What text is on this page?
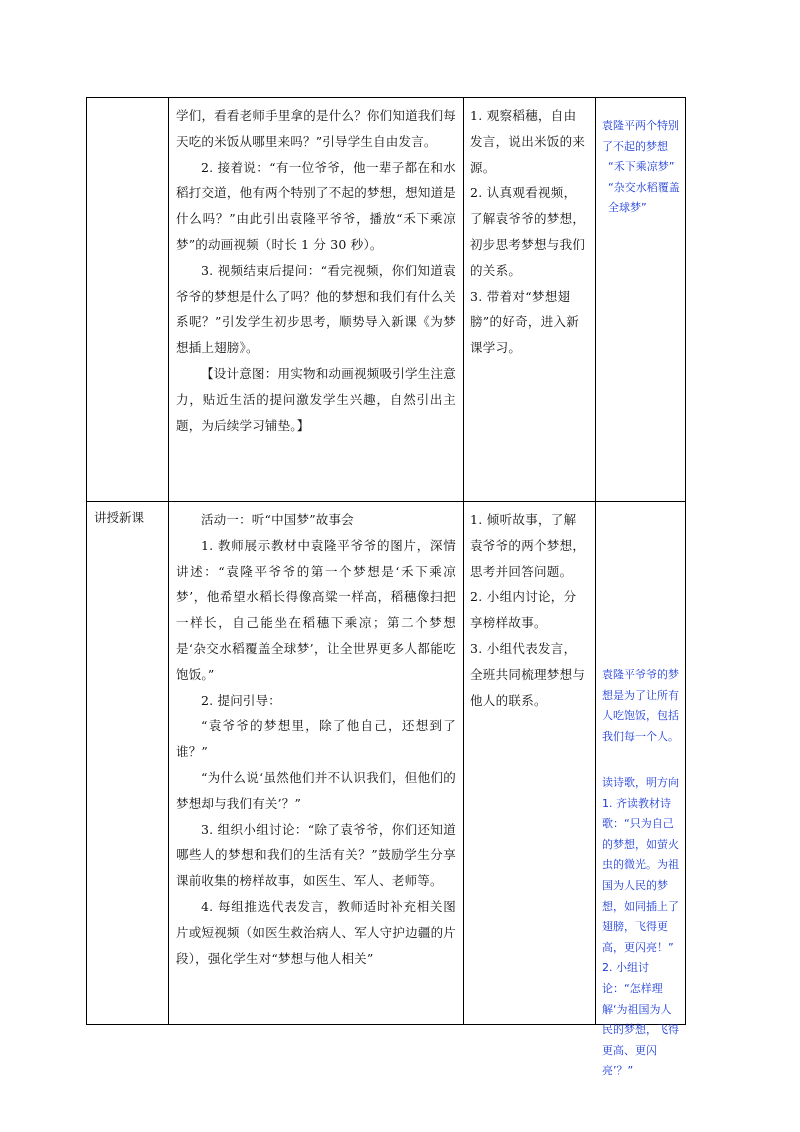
学们，看看老师手里拿的是什么？你们知道我们每天吃的米饭从哪里来吗？”引导学生自由发言。

2. 接着说：“有一位爷爷，他一辈子都在和水稻打交道，他有两个特别了不起的梦想，想知道是什么吗？”由此引出袁隆平爷爷，播放“禾下乘凉梦”的动画视频（时长 1 分 30 秒）。

3. 视频结束后提问：“看完视频，你们知道袁爷爷的梦想是什么了吗？他的梦想和我们有什么关系呢？”引发学生初步思考，顺势导入新课《为梦想插上翅膀》。

【设计意图：用实物和动画视频吸引学生注意力，贴近生活的提问激发学生兴趣，自然引出主题，为后续学习铺垫。】

1. 观察稻穗，自由发言，说出米饭的来源。

2. 认真观看视频，了解袁爷爷的梦想，初步思考梦想与我们的关系。

3. 带着对“梦想翅膀”的好奇，进入新课学习。

袁隆平两个特别了不起的梦想

“禾下乘凉梦”

“杂交水稻覆盖全球梦”

讲授新课	活动一：听“中国梦”故事会

1. 教师展示教材中袁隆平爷爷的图片，深情讲述：“袁隆平爷爷的第一个梦想是‘禾下乘凉梦’，他希望水稻长得像高粱一样高，稻穗像扫把一样长，自己能坐在稻穗下乘凉；第二个梦想是‘杂交水稻覆盖全球梦’，让全世界更多人都能吃饱饭。”

2. 提问引导：

“袁爷爷的梦想里，除了他自己，还想到了谁？”

“为什么说‘虽然他们并不认识我们，但他们的梦想却与我们有关’？”

3. 组织小组讨论：“除了袁爷爷，你们还知道哪些人的梦想和我们的生活有关？”鼓励学生分享课前收集的榜样故事，如医生、军人、老师等。

4. 每组推选代表发言，教师适时补充相关图片或短视频（如医生救治病人、军人守护边疆的片段），强化学生对“梦想与他人相关”

1. 倾听故事，了解袁爷爷的两个梦想，思考并回答问题。

2. 小组内讨论，分享榜样故事。

3. 小组代表发言，全班共同梳理梦想与他人的联系。

袁隆平爷爷的梦想是为了让所有人吃饱饭，包括我们每一个人。

读诗歌，明方向

1. 齐读教材诗歌：“只为自己的梦想，如萤火虫的微光。为祖国为人民的梦想，如同插上了翅膀，飞得更高，更闪亮！”

2. 小组讨论：“怎样理解‘为祖国为人民的梦想，飞得更高、更闪亮’？”
